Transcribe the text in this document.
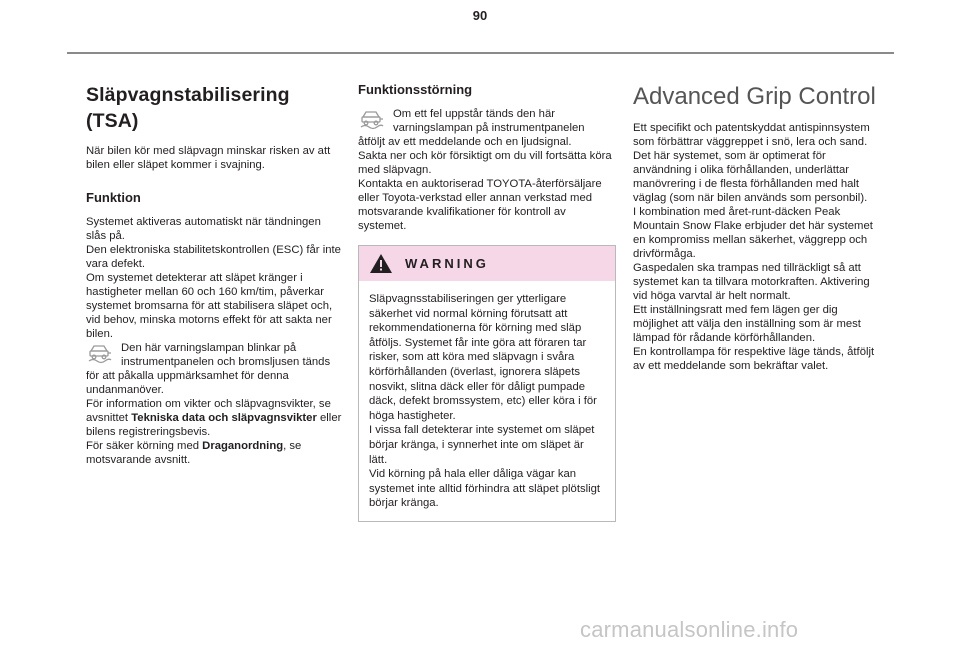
90
Släpvagnstabilisering (TSA)

När bilen kör med släpvagn minskar risken av att bilen eller släpet kommer i svajning.

Funktion

Systemet aktiveras automatiskt när tändningen slås på.

Den elektroniska stabilitetskontrollen (ESC) får inte vara defekt.

Om systemet detekterar att släpet kränger i hastigheter mellan 60 och 160 km/tim, påverkar systemet bromsarna för att stabilisera släpet och, vid behov, minska motorns effekt för att sakta ner bilen.

Den här varningslampan blinkar på instrumentpanelen och bromsljusen tänds

för att påkalla uppmärksamhet för denna undanmanöver.

För information om vikter och släpvagnsvikter, se avsnittet Tekniska data och släpvagnsvikter eller bilens registreringsbevis.

För säker körning med Draganordning, se motsvarande avsnitt.

Funktionsstörning

Om ett fel uppstår tänds den här varningslampan på instrumentpanelen

åtföljt av ett meddelande och en ljudsignal.

Sakta ner och kör försiktigt om du vill fortsätta köra med släpvagn.

Kontakta en auktoriserad TOYOTA-återförsäljare eller Toyota-verkstad eller annan verkstad med motsvarande kvalifikationer för kontroll av systemet.

WARNING

Släpvagnsstabiliseringen ger ytterligare säkerhet vid normal körning förutsatt att rekommendationerna för körning med släp åtföljs. Systemet får inte göra att föraren tar risker, som att köra med släpvagn i svåra körförhållanden (överlast, ignorera släpets nosvikt, slitna däck eller för dåligt pumpade däck, defekt bromssystem, etc) eller köra i för höga hastigheter.

I vissa fall detekterar inte systemet om släpet börjar kränga, i synnerhet inte om släpet är lätt.

Vid körning på hala eller dåliga vägar kan systemet inte alltid förhindra att släpet plötsligt börjar kränga.

Advanced Grip Control

Ett specifikt och patentskyddat antispinnsystem som förbättrar väggreppet i snö, lera och sand.

Det här systemet, som är optimerat för användning i olika förhållanden, underlättar manövrering i de flesta förhållanden med halt väglag (som när bilen används som personbil).

I kombination med året-runt-däcken Peak Mountain Snow Flake erbjuder det här systemet en kompromiss mellan säkerhet, väggrepp och drivförmåga.

Gaspedalen ska trampas ned tillräckligt så att systemet kan ta tillvara motorkraften. Aktivering vid höga varvtal är helt normalt.

Ett inställningsratt med fem lägen ger dig möjlighet att välja den inställning som är mest lämpad för rådande körförhållanden.

En kontrollampa för respektive läge tänds, åtföljt av ett meddelande som bekräftar valet.

carmanualsonline.info
